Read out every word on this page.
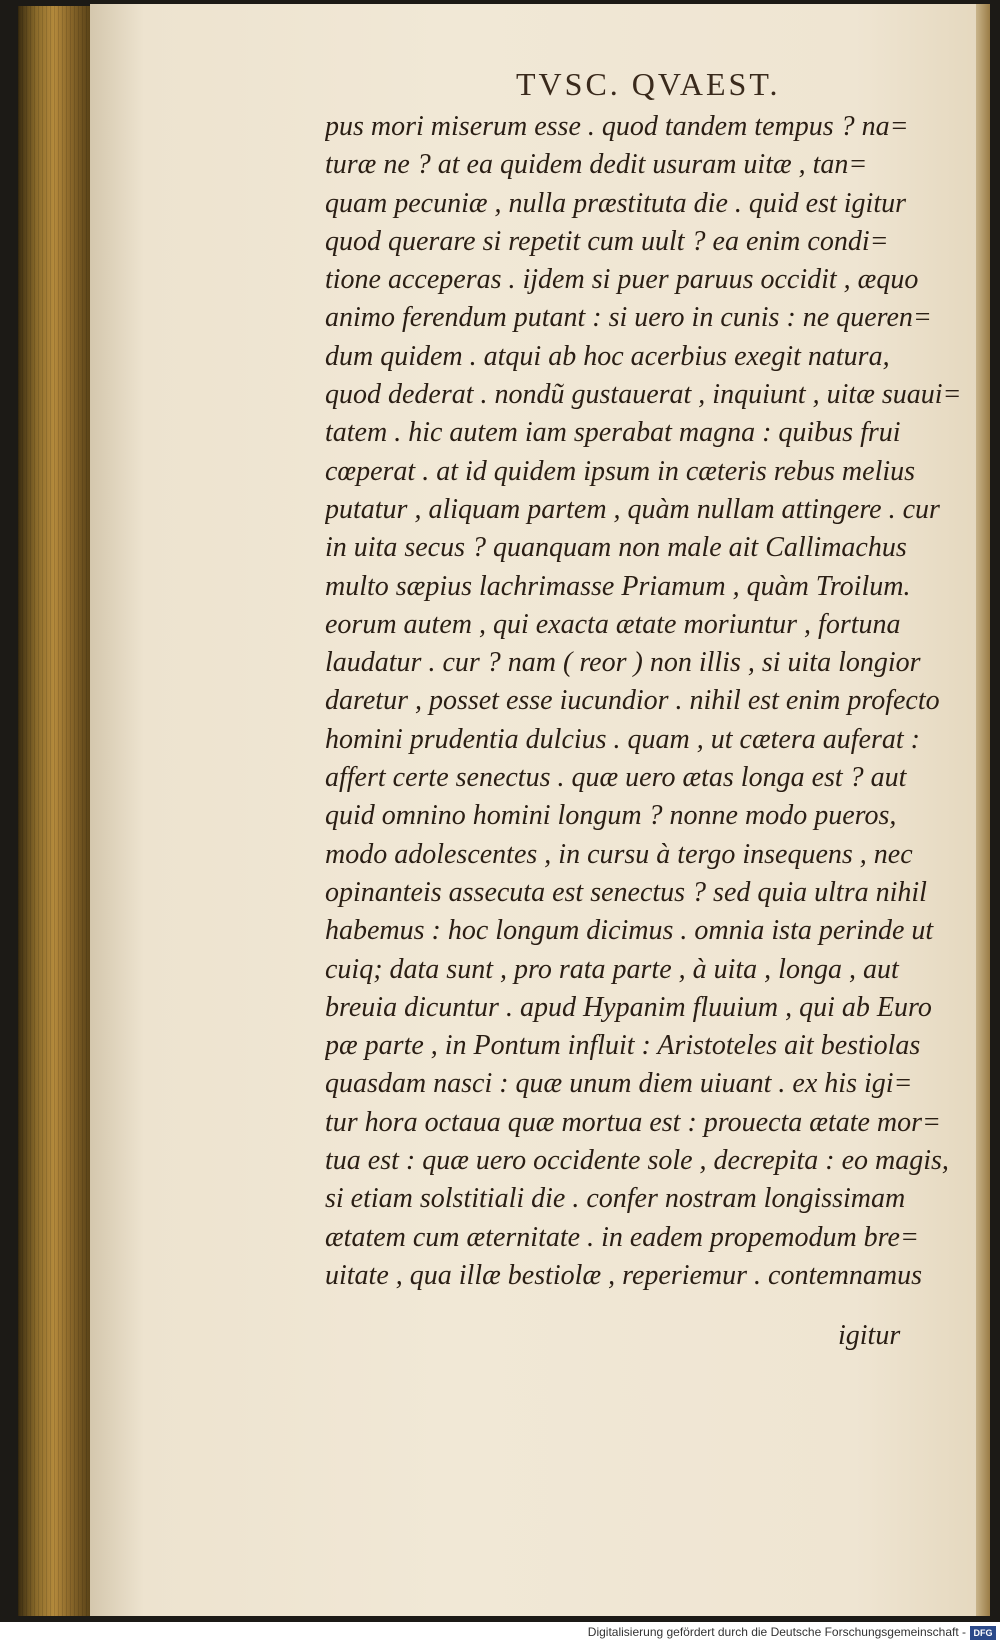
TVSC. QVAEST.
pus mori miserum esse . quod tandem tempus ? na=
turæ ne ? at ea quidem dedit usuram uitæ , tan=
quam pecuniæ , nulla præstituta die . quid est igitur
quod querare si repetit cum uult ? ea enim condi=
tione acceperas . ijdem si puer paruus occidit , æquo
animo ferendum putant : si uero in cunis : ne queren=
dum quidem . atqui ab hoc acerbius exegit natura,
quod dederat . nondũ gustauerat , inquiunt , uitæ suaui=
tatem . hic autem iam sperabat magna : quibus frui
cœperat . at id quidem ipsum in cæteris rebus melius
putatur , aliquam partem , quàm nullam attingere . cur
in uita secus ? quanquam non male ait Callimachus
multo sæpius lachrimasse Priamum , quàm Troilum.
eorum autem , qui exacta ætate moriuntur , fortuna
laudatur . cur ? nam ( reor ) non illis , si uita longior
daretur , posset esse iucundior . nihil est enim profecto
homini prudentia dulcius . quam , ut cætera auferat :
affert certe senectus . quæ uero ætas longa est ? aut
quid omnino homini longum ? nonne modo pueros,
modo adolescentes , in cursu à tergo insequens , nec
opinanteis assecuta est senectus ? sed quia ultra nihil
habemus : hoc longum dicimus . omnia ista perinde ut
cuiq; data sunt , pro rata parte , à uita , longa , aut
breuia dicuntur . apud Hypanim fluuium , qui ab Euro
pæ parte , in Pontum influit : Aristoteles ait bestiolas
quasdam nasci : quæ unum diem uiuant . ex his igi=
tur hora octaua quæ mortua est : prouecta ætate mor=
tua est : quæ uero occidente sole , decrepita : eo magis,
si etiam solstitiali die . confer nostram longissimam
ætatem cum æternitate . in eadem propemodum bre=
uitate , qua illæ bestiolæ , reperiemur . contemnamus
igitur
Digitalisierung gefördert durch die Deutsche Forschungsgemeinschaft - DFG
